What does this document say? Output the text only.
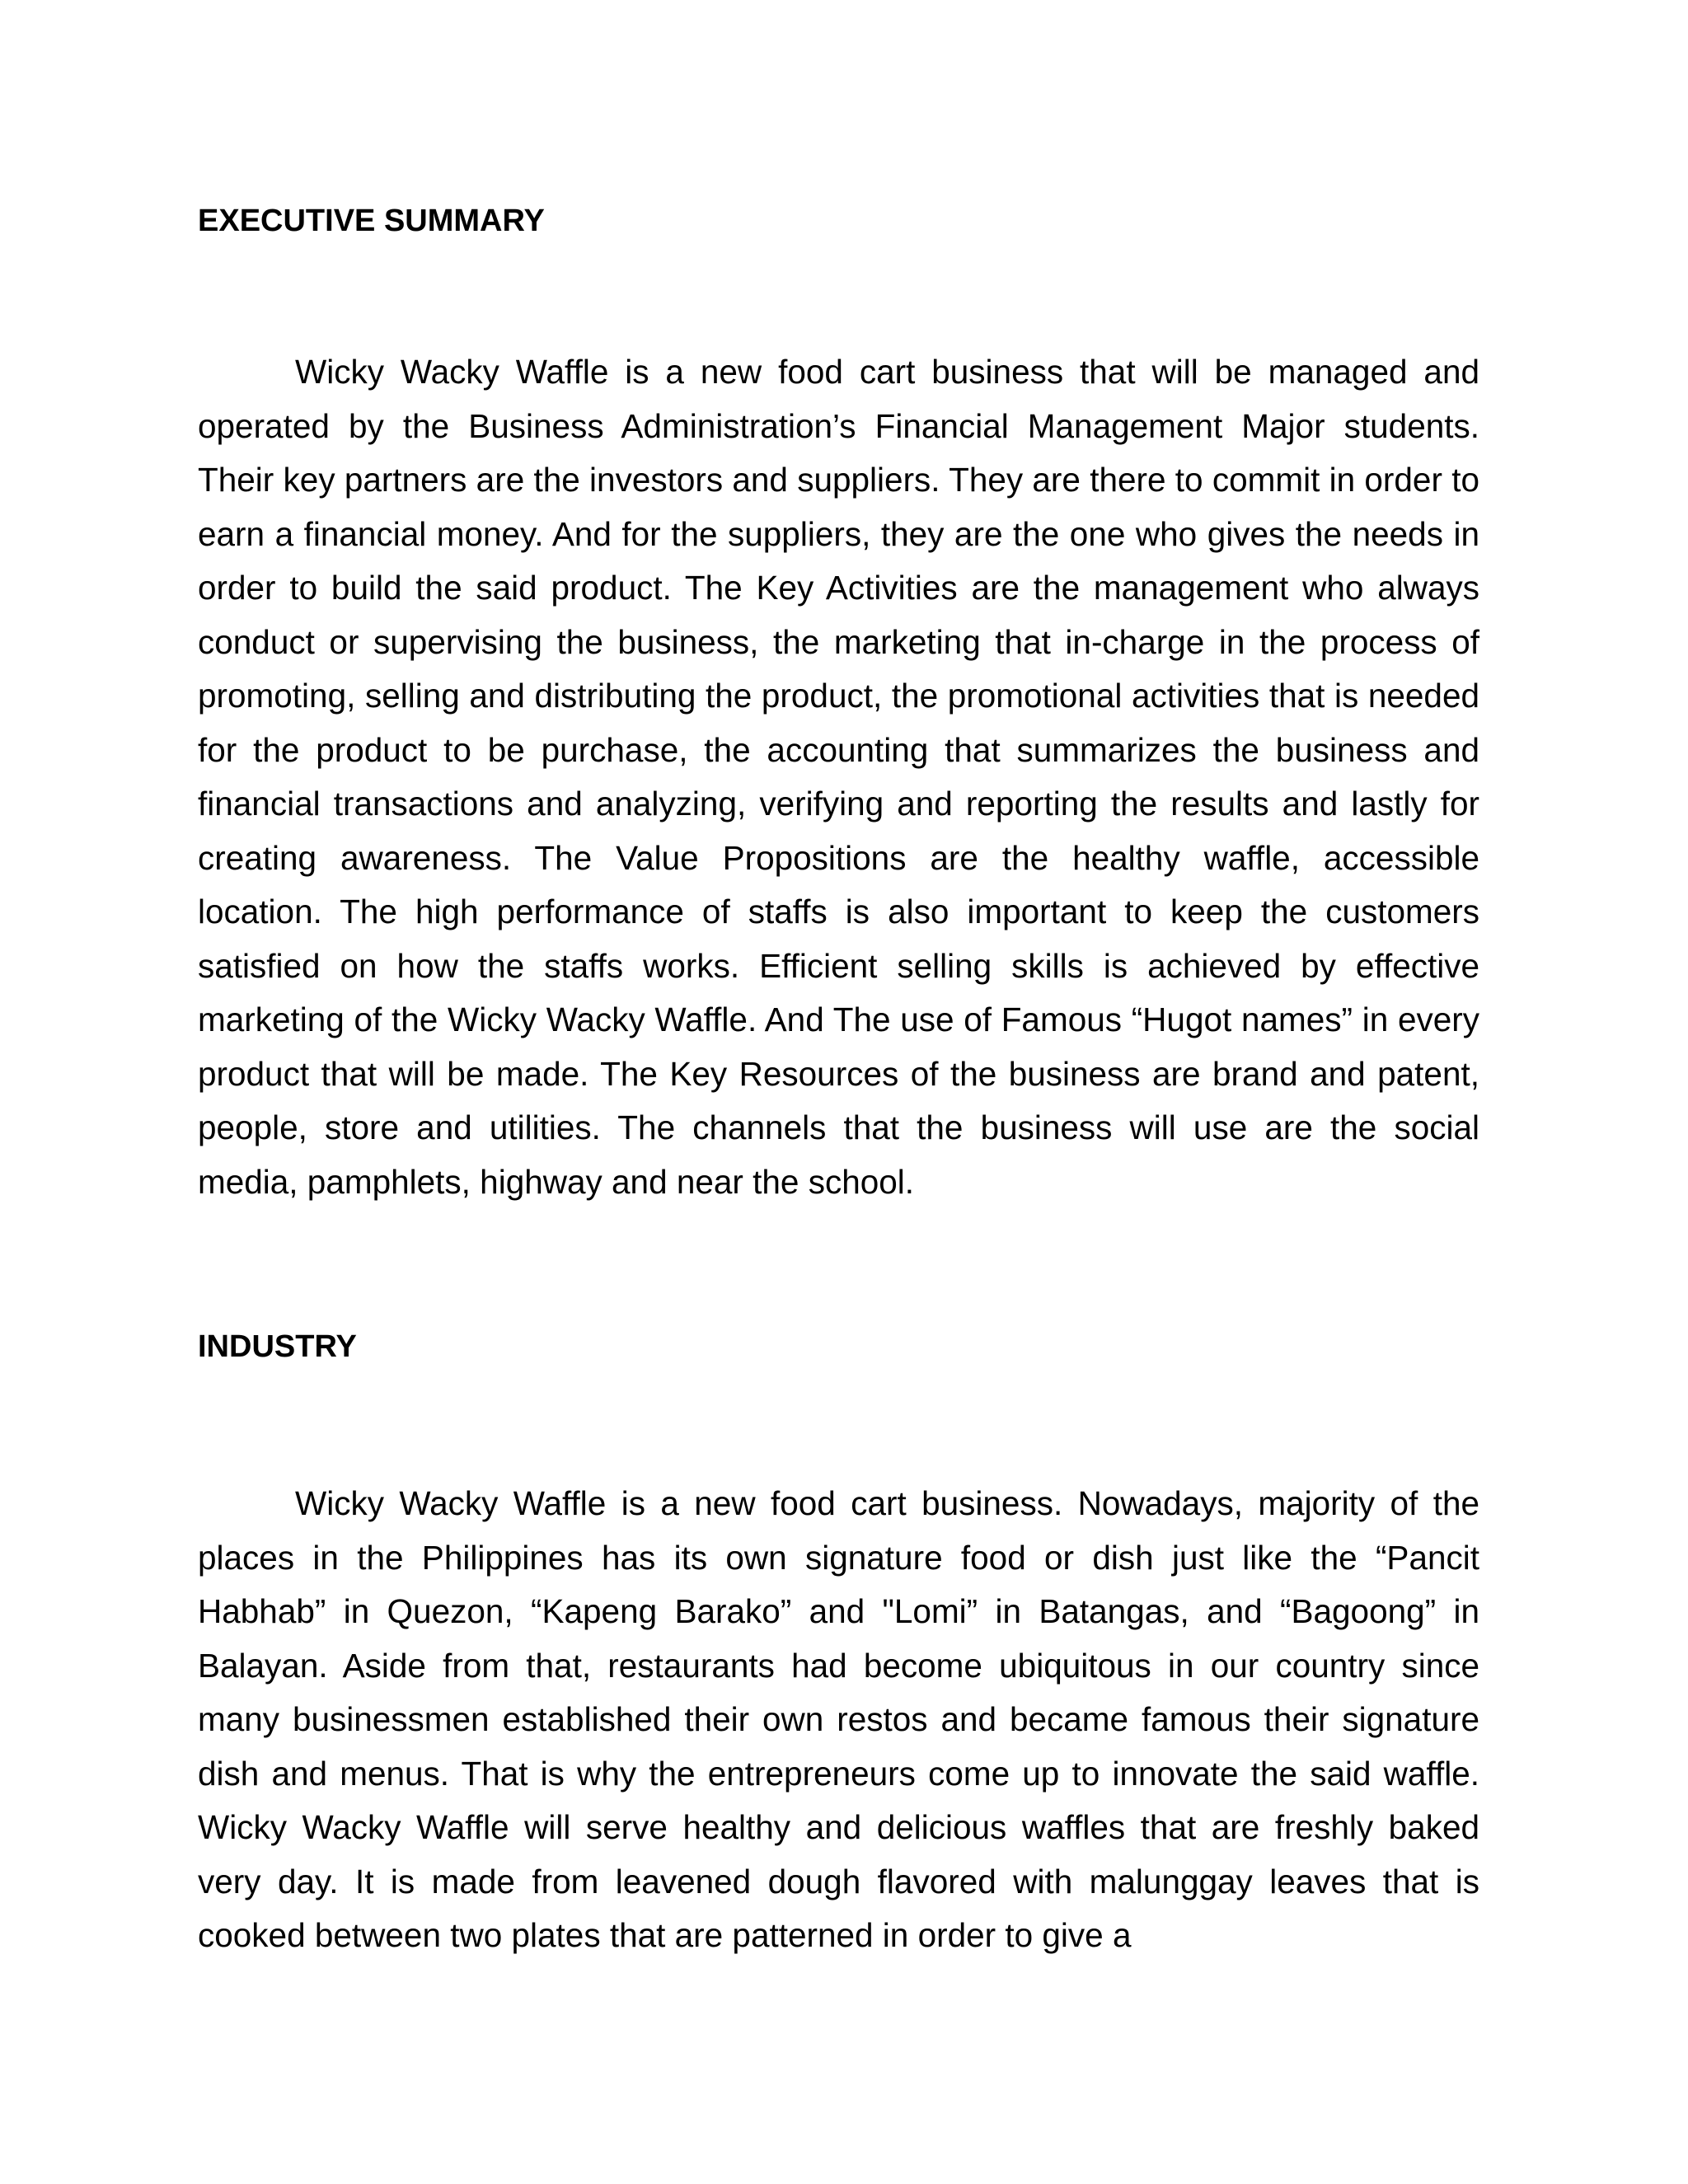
EXECUTIVE SUMMARY

Wicky Wacky Waffle is a new food cart business that will be managed and operated by the Business Administration’s Financial Management Major students. Their key partners are the investors and suppliers. They are there to commit in order to earn a financial money. And for the suppliers, they are the one who gives the needs in order to build the said product. The Key Activities are the management who always conduct or supervising the business, the marketing that in-charge in the process of promoting, selling and distributing the product, the promotional activities that is needed for the product to be purchase, the accounting that summarizes the business and financial transactions and analyzing, verifying and reporting the results and lastly for creating awareness. The Value Propositions are the healthy waffle, accessible location. The high performance of staffs is also important to keep the customers satisfied on how the staffs works. Efficient selling skills is achieved by effective marketing of the Wicky Wacky Waffle. And The use of Famous “Hugot names” in every product that will be made. The Key Resources of the business are brand and patent, people, store and utilities. The channels that the business will use are the social media, pamphlets, highway and near the school.

INDUSTRY

Wicky Wacky Waffle is a new food cart business. Nowadays, majority of the places in the Philippines has its own signature food or dish just like the “Pancit Habhab” in Quezon, “Kapeng Barako” and "Lomi” in Batangas, and “Bagoong” in Balayan. Aside from that, restaurants had become ubiquitous in our country since many businessmen established their own restos and became famous their signature dish and menus. That is why the entrepreneurs come up to innovate the said waffle. Wicky Wacky Waffle will serve healthy and delicious waffles that are freshly baked very day. It is made from leavened dough flavored with malunggay leaves that is cooked between two plates that are patterned in order to give a
